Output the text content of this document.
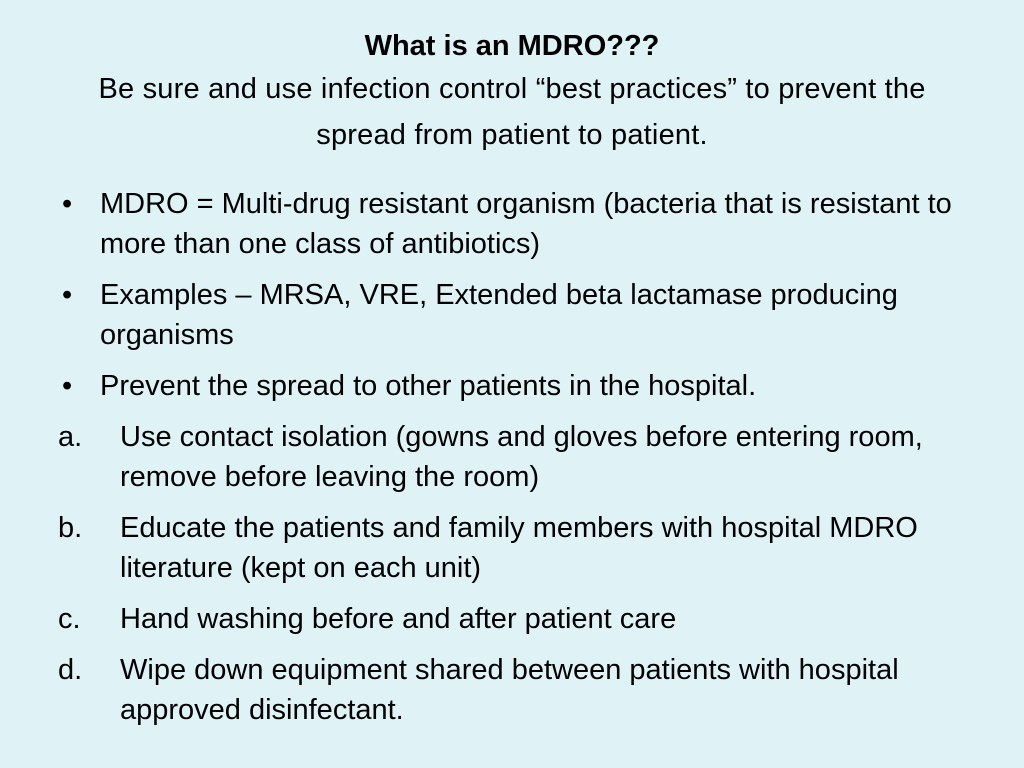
What is an MDRO???
Be sure and use infection control “best practices” to prevent the spread from patient to patient.
• MDRO = Multi-drug resistant organism (bacteria that is resistant to more than one class of antibiotics)
• Examples – MRSA, VRE, Extended beta lactamase producing organisms
• Prevent the spread to other patients in the hospital.
a.	Use contact isolation (gowns and gloves before entering room, remove before leaving the room)
b.	Educate the patients and family members with hospital MDRO literature (kept on each unit)
c.	Hand washing before and after patient care
d.	Wipe down equipment shared between patients with hospital approved disinfectant.
